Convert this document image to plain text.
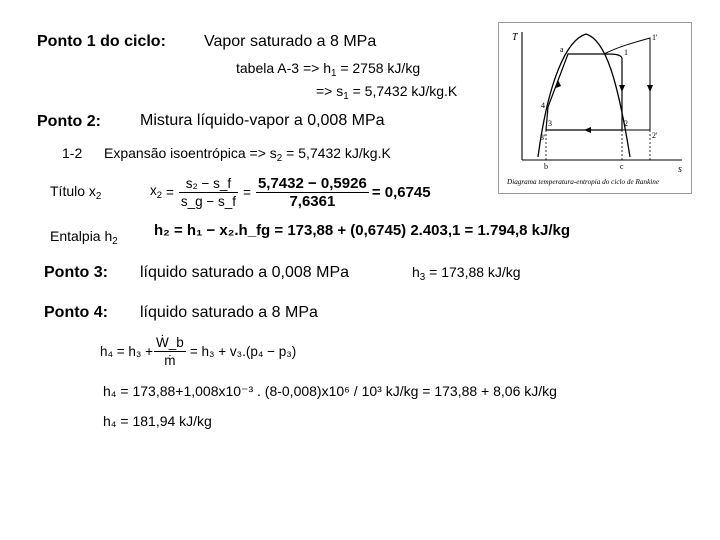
Ponto 1 do ciclo: Vapor saturado a 8 MPa
tabela $A-3 => h_1 = 2758$ kJ/kg
=> $s_1 = 5,7432$ kJ/kg.K
T
s
1
2
3
4
1'
2'
3'
a
b	c
Diagrama temperatura-entropia do ciclo de Rankine
Ponto 2: Mistura líquido-vapor a 0,008 MPa
1-2 Expansão isoentrópica => $s_2 = 5,7432$ kJ/kg.K
Título $x_2$	$x_2 = \frac{\text{s₂ − s\_f}}{s\_g - s\_f} = \frac{5,7432 - 0,5926}{7,6361} = 0,6745$
Entalpia $h_2$
h₂ = h₁ − x₂.h_fg = 173,88 + (0,6745) 2.403,1 = 1.794,8 kJ/kg
Ponto 3: líquido saturado a 0,008 MPa	$h_3 = 173,88$ kJ/kg
Ponto 4: líquido saturado a 8 MPa
$h_4 = h_3 + \frac{\text{Ẇ\_b}}{\text{ṁ}} = h_3 + v_3.(p_4 - p_3)$
h₄ = 173,88+1,008x10⁻³ . (8-0,008)x10⁶ / 10³ kJ/kg = 173,88 + 8,06 kJ/kg
h₄ = 181,94 kJ/kg
